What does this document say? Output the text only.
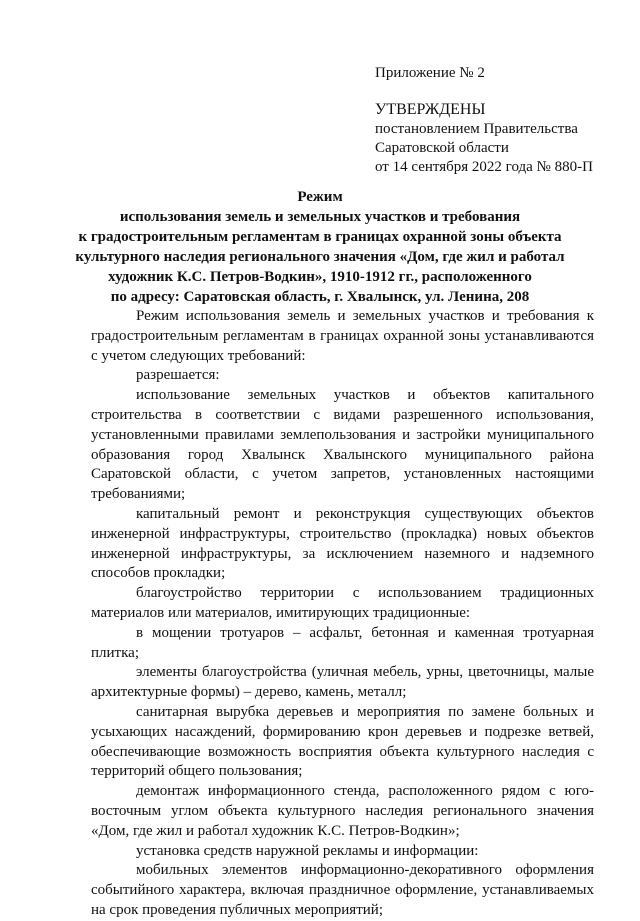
Приложение № 2

УТВЕРЖДЕНЫ

постановлением Правительства

Саратовской области

от 14 сентября 2022 года № 880-П

Режим
использования земель и земельных участков и требования
к градостроительным регламентам в границах охранной зоны объекта
культурного наследия регионального значения «Дом, где жил и работал
художник К.С. Петров-Водкин», 1910-1912 гг., расположенного
по адресу: Саратовская область, г. Хвалынск, ул. Ленина, 208

Режим использования земель и земельных участков и требования к градостроительным регламентам в границах охранной зоны устанавливаются с учетом следующих требований:

разрешается:

использование земельных участков и объектов капитального строительства в соответствии с видами разрешенного использования, установленными правилами землепользования и застройки муниципального образования город Хвалынск Хвалынского муниципального района Саратовской области, с учетом запретов, установленных настоящими требованиями;

капитальный ремонт и реконструкция существующих объектов инженерной инфраструктуры, строительство (прокладка) новых объектов инженерной инфраструктуры, за исключением наземного и надземного способов прокладки;

благоустройство территории с использованием традиционных материалов или материалов, имитирующих традиционные:

в мощении тротуаров – асфальт, бетонная и каменная тротуарная плитка;

элементы благоустройства (уличная мебель, урны, цветочницы, малые архитектурные формы) – дерево, камень, металл;

санитарная вырубка деревьев и мероприятия по замене больных и усыхающих насаждений, формированию крон деревьев и подрезке ветвей, обеспечивающие возможность восприятия объекта культурного наследия с территорий общего пользования;

демонтаж информационного стенда, расположенного рядом с юго-восточным углом объекта культурного наследия регионального значения «Дом, где жил и работал художник К.С. Петров-Водкин»;

установка средств наружной рекламы и информации:

мобильных элементов информационно-декоративного оформления событийного характера, включая праздничное оформление, устанавливаемых на срок проведения публичных мероприятий;
